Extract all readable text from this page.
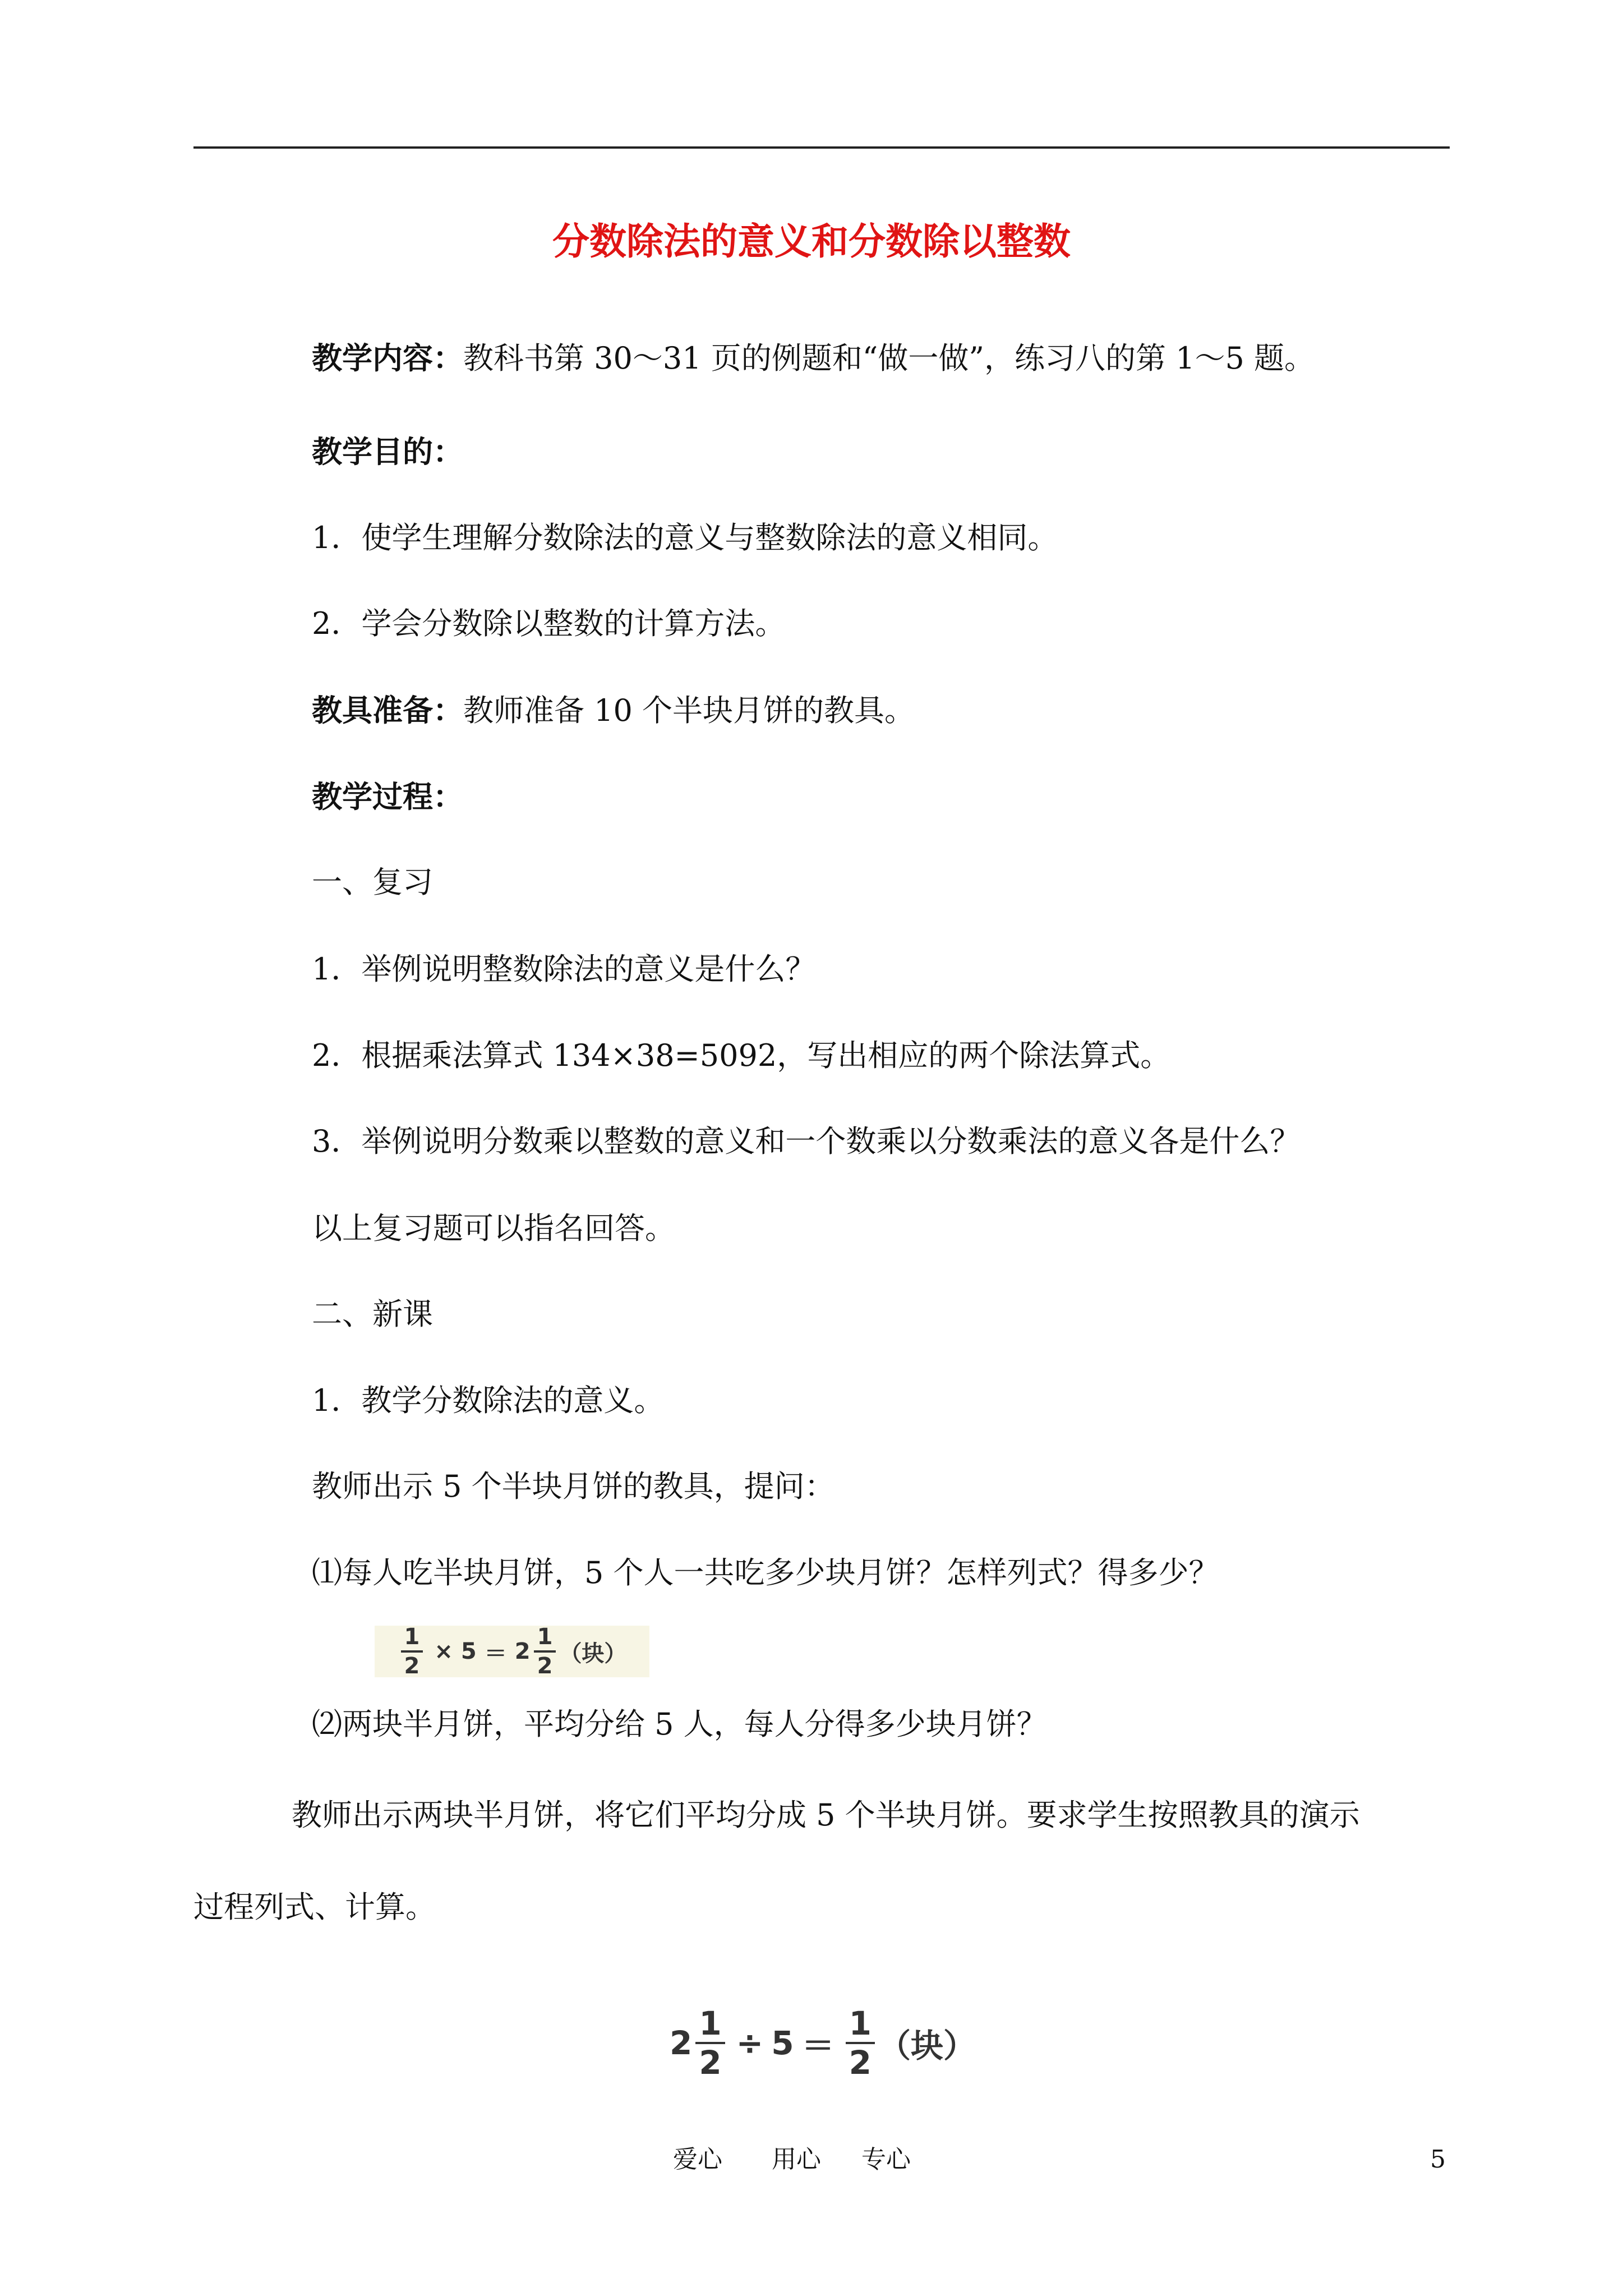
分数除法的意义和分数除以整数
教学内容：教科书第 30～31 页的例题和“做一做”，练习八的第 1～5 题。
教学目的：
1．使学生理解分数除法的意义与整数除法的意义相同。
2．学会分数除以整数的计算方法。
教具准备：教师准备 10 个半块月饼的教具。
教学过程：
一、复习
1．举例说明整数除法的意义是什么？
2．根据乘法算式 134×38=5092，写出相应的两个除法算式。
3．举例说明分数乘以整数的意义和一个数乘以分数乘法的意义各是什么？
以上复习题可以指名回答。
二、新课
1．教学分数除法的意义。
教师出示 5 个半块月饼的教具，提问：
⑴每人吃半块月饼，5 个人一共吃多少块月饼？怎样列式？得多少？
$\frac{1}{2} \times 5 = 2 \frac{1}{2}$ （块）
⑵两块半月饼，平均分给 5 人，每人分得多少块月饼？
教师出示两块半月饼，将它们平均分成 5 个半块月饼。要求学生按照教具的演示
过程列式、计算。
$2 \frac{1}{2} \div 5 = \frac{1}{2}$ （块）
爱心 用心 专心	5
